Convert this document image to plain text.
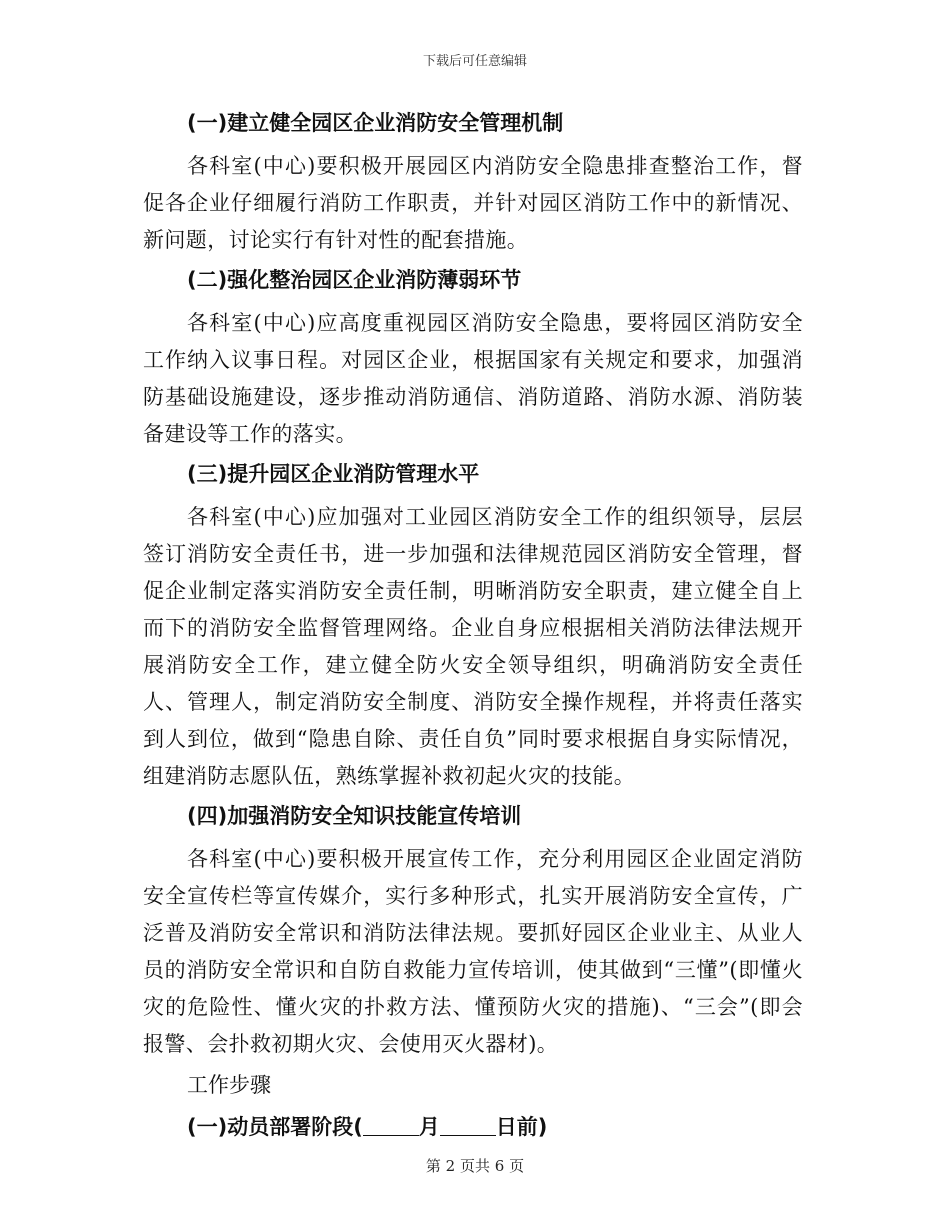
下载后可任意编辑

(一)建立健全园区企业消防安全管理机制

各科室(中心)要积极开展园区内消防安全隐患排查整治工作，督促各企业仔细履行消防工作职责，并针对园区消防工作中的新情况、新问题，讨论实行有针对性的配套措施。

(二)强化整治园区企业消防薄弱环节

各科室(中心)应高度重视园区消防安全隐患，要将园区消防安全工作纳入议事日程。对园区企业，根据国家有关规定和要求，加强消防基础设施建设，逐步推动消防通信、消防道路、消防水源、消防装备建设等工作的落实。

(三)提升园区企业消防管理水平

各科室(中心)应加强对工业园区消防安全工作的组织领导，层层签订消防安全责任书，进一步加强和法律规范园区消防安全管理，督促企业制定落实消防安全责任制，明晰消防安全职责，建立健全自上而下的消防安全监督管理网络。企业自身应根据相关消防法律法规开展消防安全工作，建立健全防火安全领导组织，明确消防安全责任人、管理人，制定消防安全制度、消防安全操作规程，并将责任落实到人到位，做到“隐患自除、责任自负”同时要求根据自身实际情况，组建消防志愿队伍，熟练掌握补救初起火灾的技能。

(四)加强消防安全知识技能宣传培训

各科室(中心)要积极开展宣传工作，充分利用园区企业固定消防安全宣传栏等宣传媒介，实行多种形式，扎实开展消防安全宣传，广泛普及消防安全常识和消防法律法规。要抓好园区企业业主、从业人员的消防安全常识和自防自救能力宣传培训，使其做到“三懂”(即懂火灾的危险性、懂火灾的扑救方法、懂预防火灾的措施)、“三会”(即会报警、会扑救初期火灾、会使用灭火器材)。

工作步骤

(一)动员部署阶段(	月	日前)

第 2 页共 6 页
